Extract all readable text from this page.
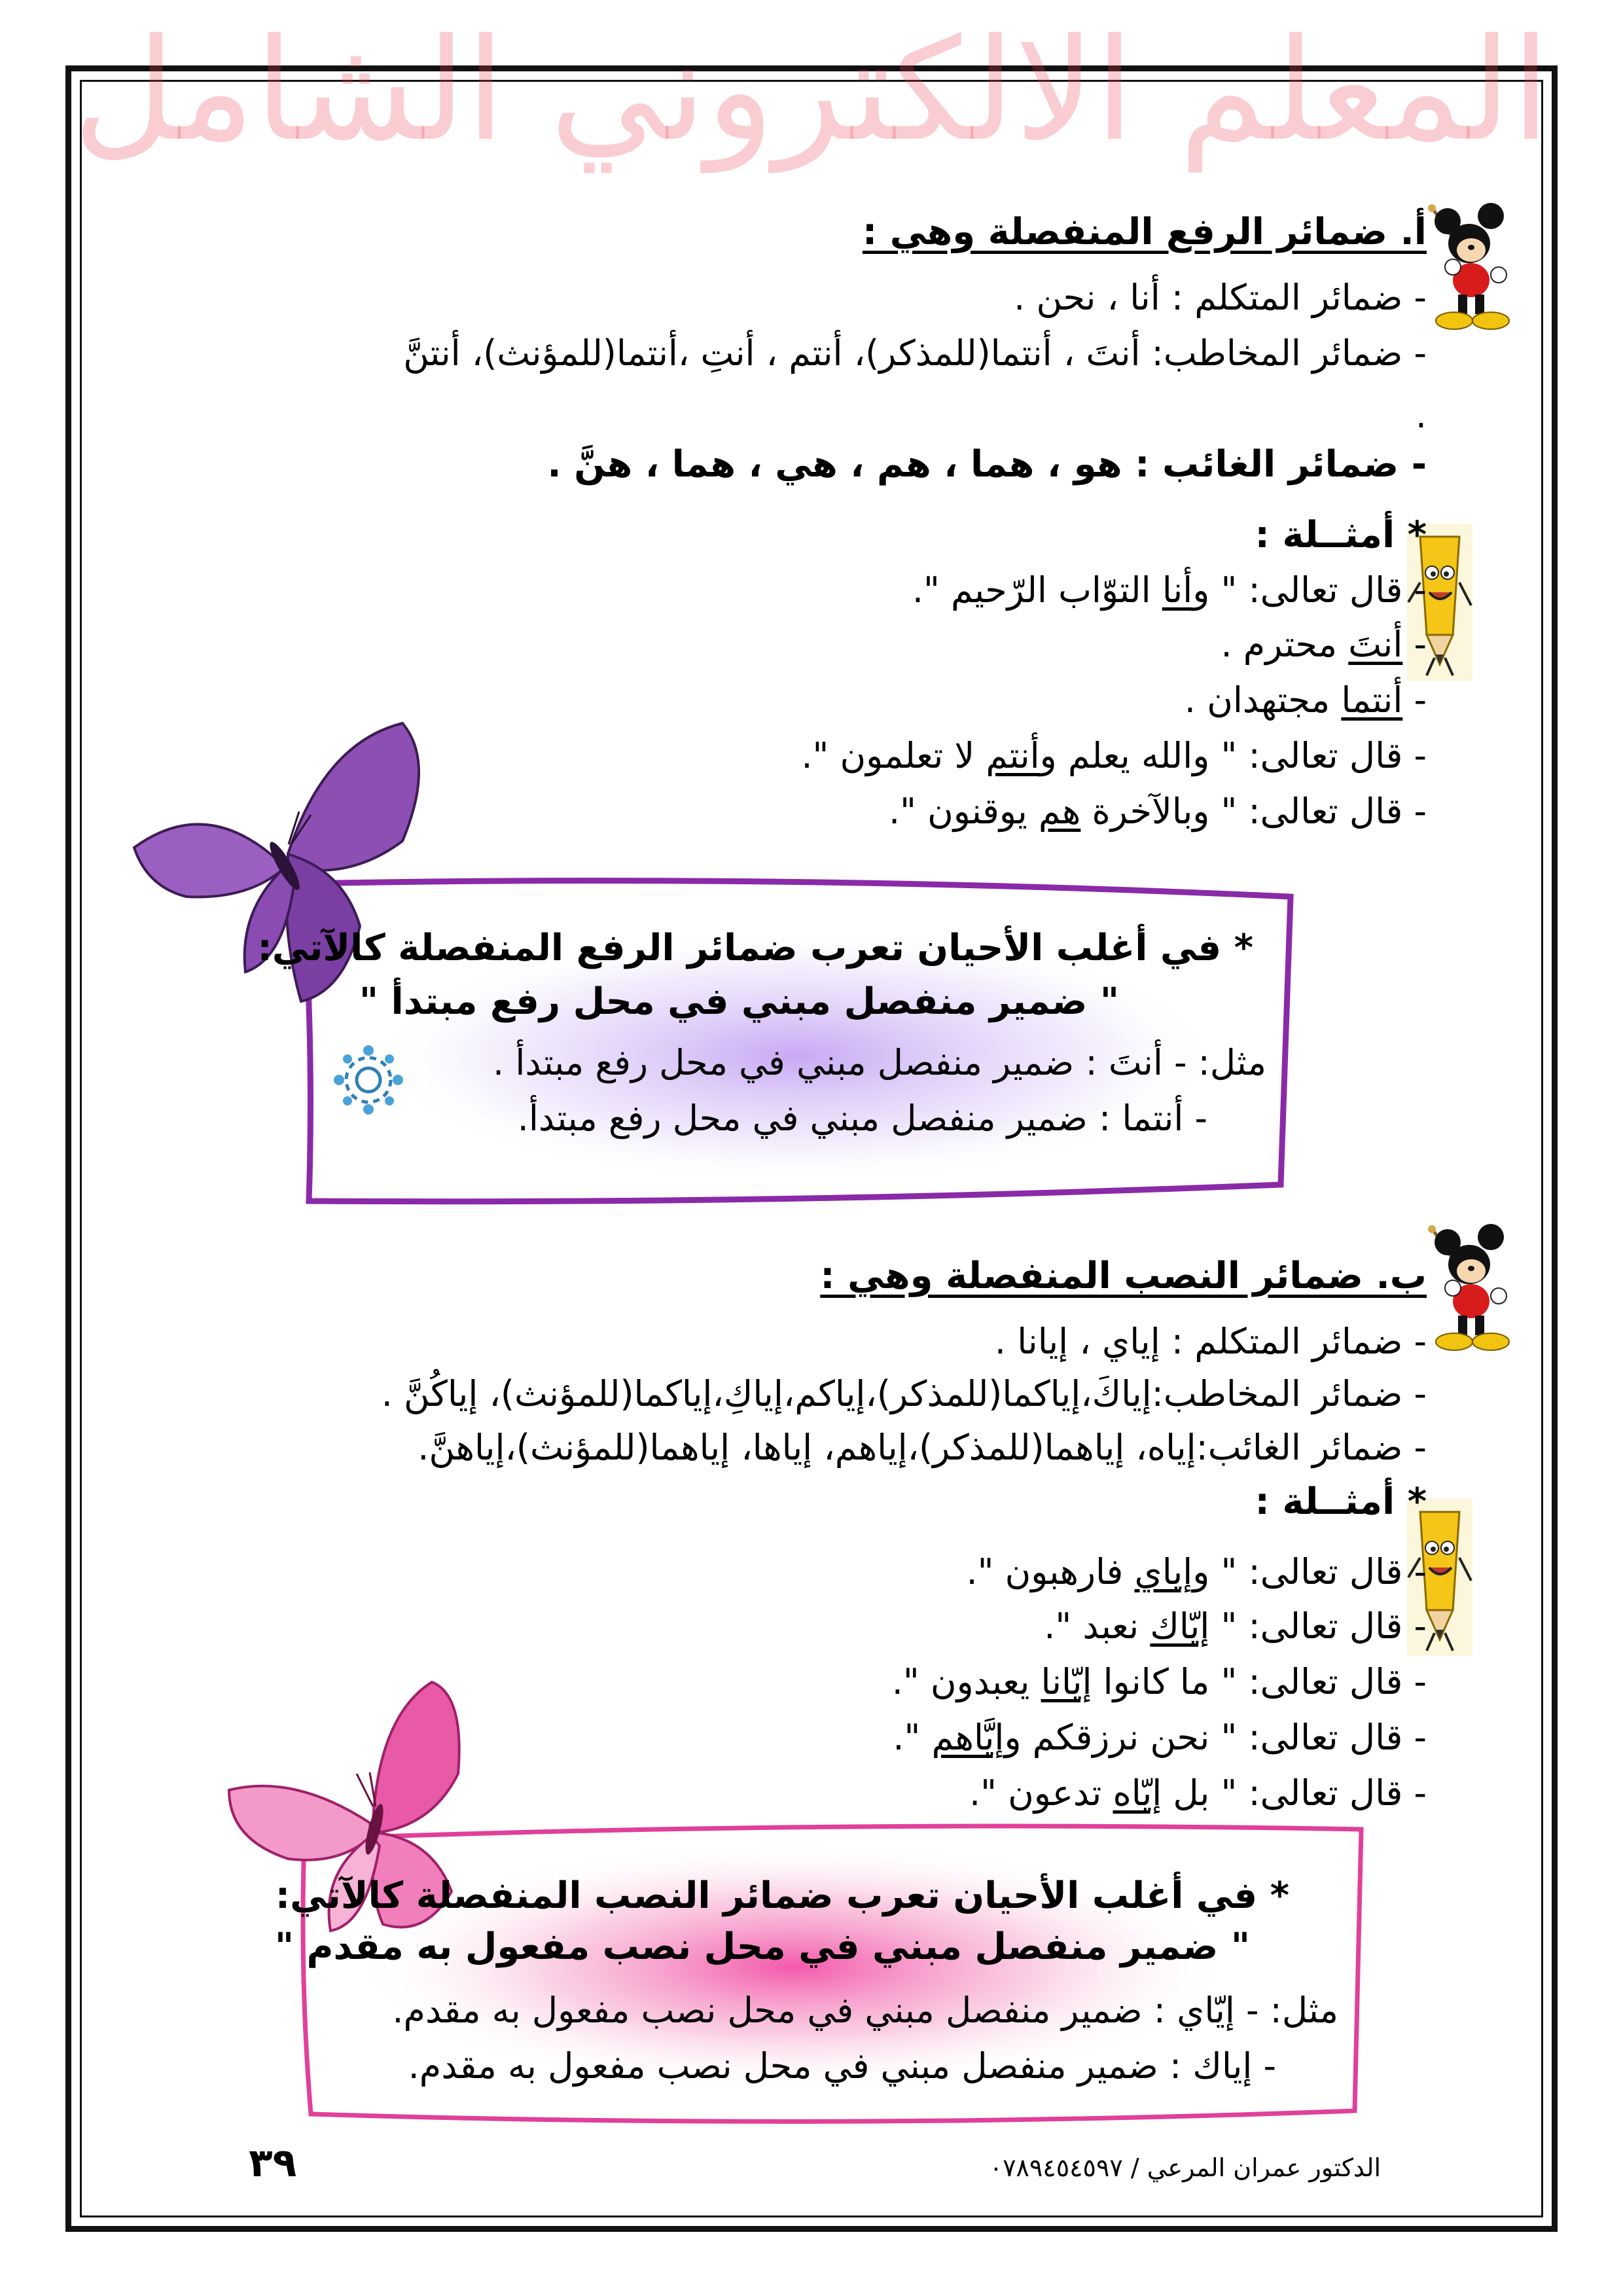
المعلم الالكتروني الشامل
أ. ضمائر الرفع المنفصلة وهي :
- ضمائر المتكلم : أنا ، نحن .
- ضمائر المخاطب: أنتَ ، أنتما(للمذكر)، أنتم ، أنتِ ،أنتما(للمؤنث)، أنتنَّ
.
- ضمائر الغائب : هو ، هما ، هم ، هي ، هما ، هنَّ .
* أمثــلة :
- قال تعالى: " وأنا التوّاب الرّحيم ".
- أنتَ محترم .
- أنتما مجتهدان .
- قال تعالى: " والله يعلم وأنتم لا تعلمون ".
- قال تعالى: " وبالآخرة هم يوقنون ".
* في أغلب الأحيان تعرب ضمائر الرفع المنفصلة كالآتي:
" ضمير منفصل مبني في محل رفع مبتدأ "
مثل: - أنتَ : ضمير منفصل مبني في محل رفع مبتدأ .
- أنتما : ضمير منفصل مبني في محل رفع مبتدأ.
ب. ضمائر النصب المنفصلة وهي :
- ضمائر المتكلم : إياي ، إيانا .
- ضمائر المخاطب:إياكَ،إياكما(للمذكر)،إياكم،إياكِ،إياكما(للمؤنث)، إياكُنَّ .
- ضمائر الغائب:إياه، إياهما(للمذكر)،إياهم، إياها، إياهما(للمؤنث)،إياهنَّ.
* أمثــلة :
- قال تعالى: " وإياي فارهبون ".
- قال تعالى: " إيّاك نعبد ".
- قال تعالى: " ما كانوا إيّانا يعبدون ".
- قال تعالى: " نحن نرزقكم وإيَّاهم ".
- قال تعالى: " بل إيّاه تدعون ".
* في أغلب الأحيان تعرب ضمائر النصب المنفصلة كالآتي:
" ضمير منفصل مبني في محل نصب مفعول به مقدم "
مثل: - إيّاي : ضمير منفصل مبني في محل نصب مفعول به مقدم.
- إياك : ضمير منفصل مبني في محل نصب مفعول به مقدم.
الدكتور عمران المرعي / ٠٧٨٩٤٥٤٥٩٧
٣٩
